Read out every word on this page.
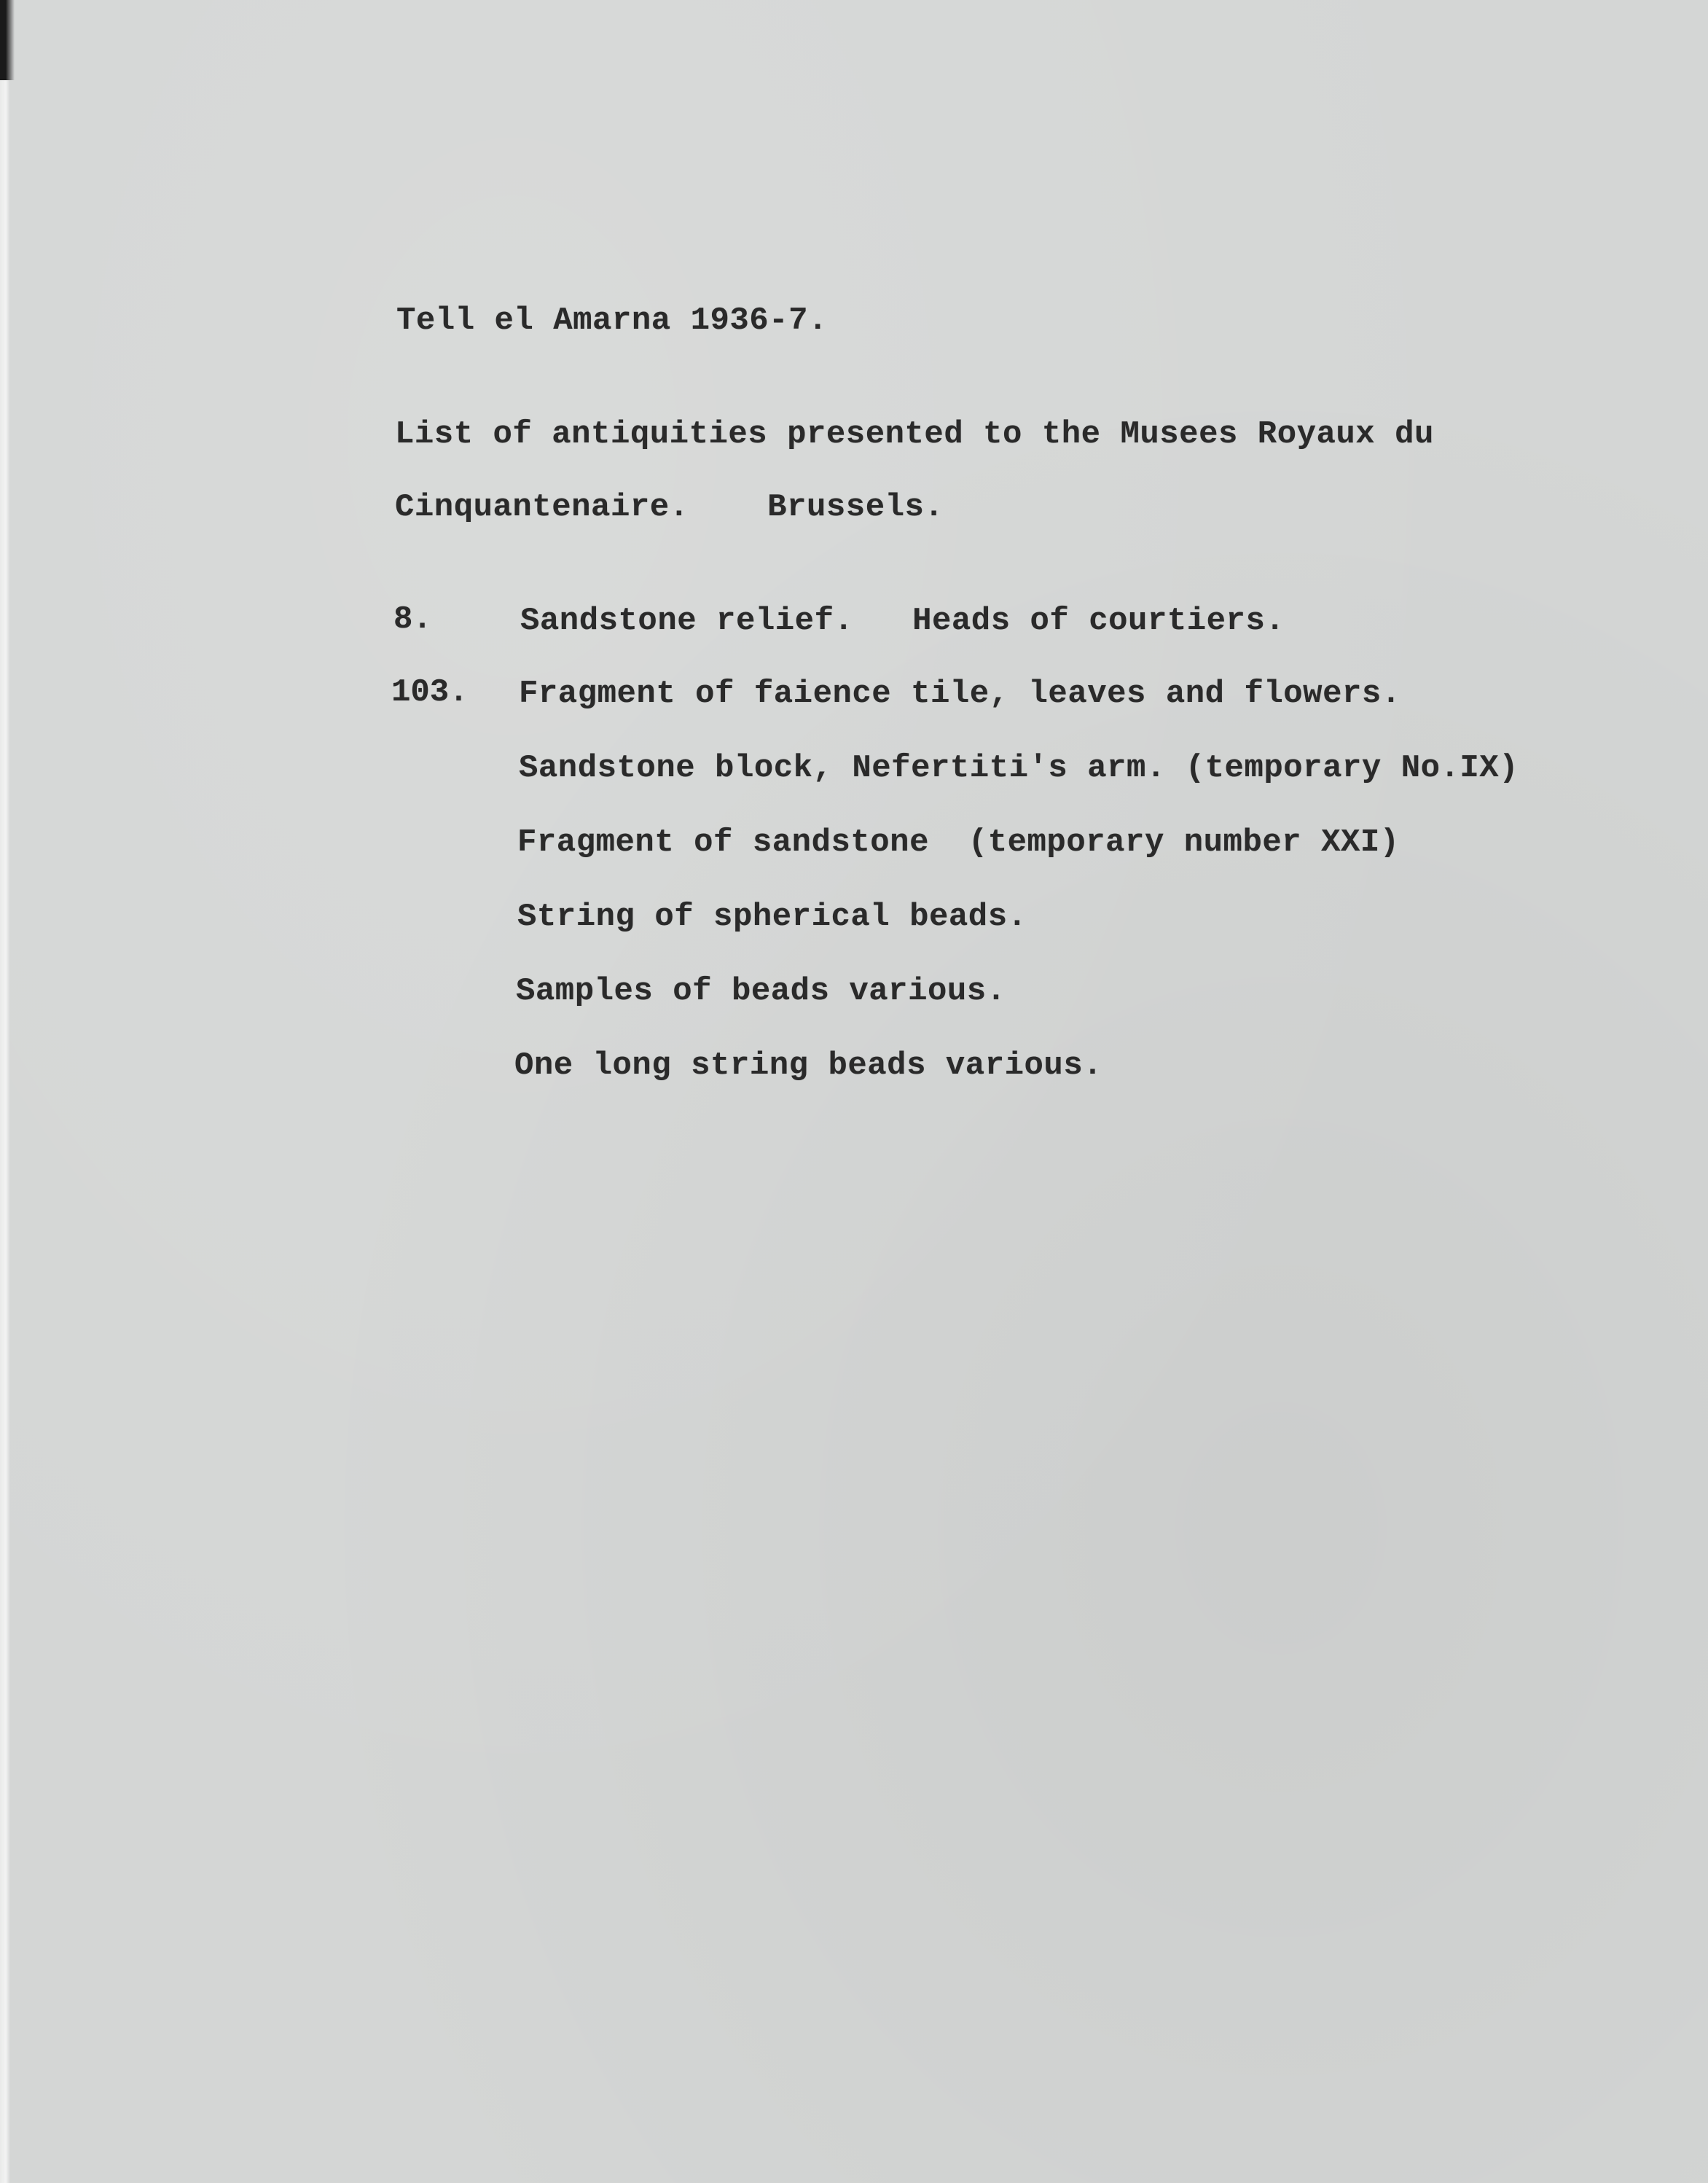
Tell el Amarna 1936-7.
List of antiquities presented to the Musees Royaux du
Cinquantenaire.    Brussels.
8.	Sandstone relief.   Heads of courtiers.
103. Fragment of faience tile, leaves and flowers.
Sandstone block, Nefertiti's arm. (temporary No.IX)
Fragment of sandstone  (temporary number XXI)
String of spherical beads.
Samples of beads various.
One long string beads various.
